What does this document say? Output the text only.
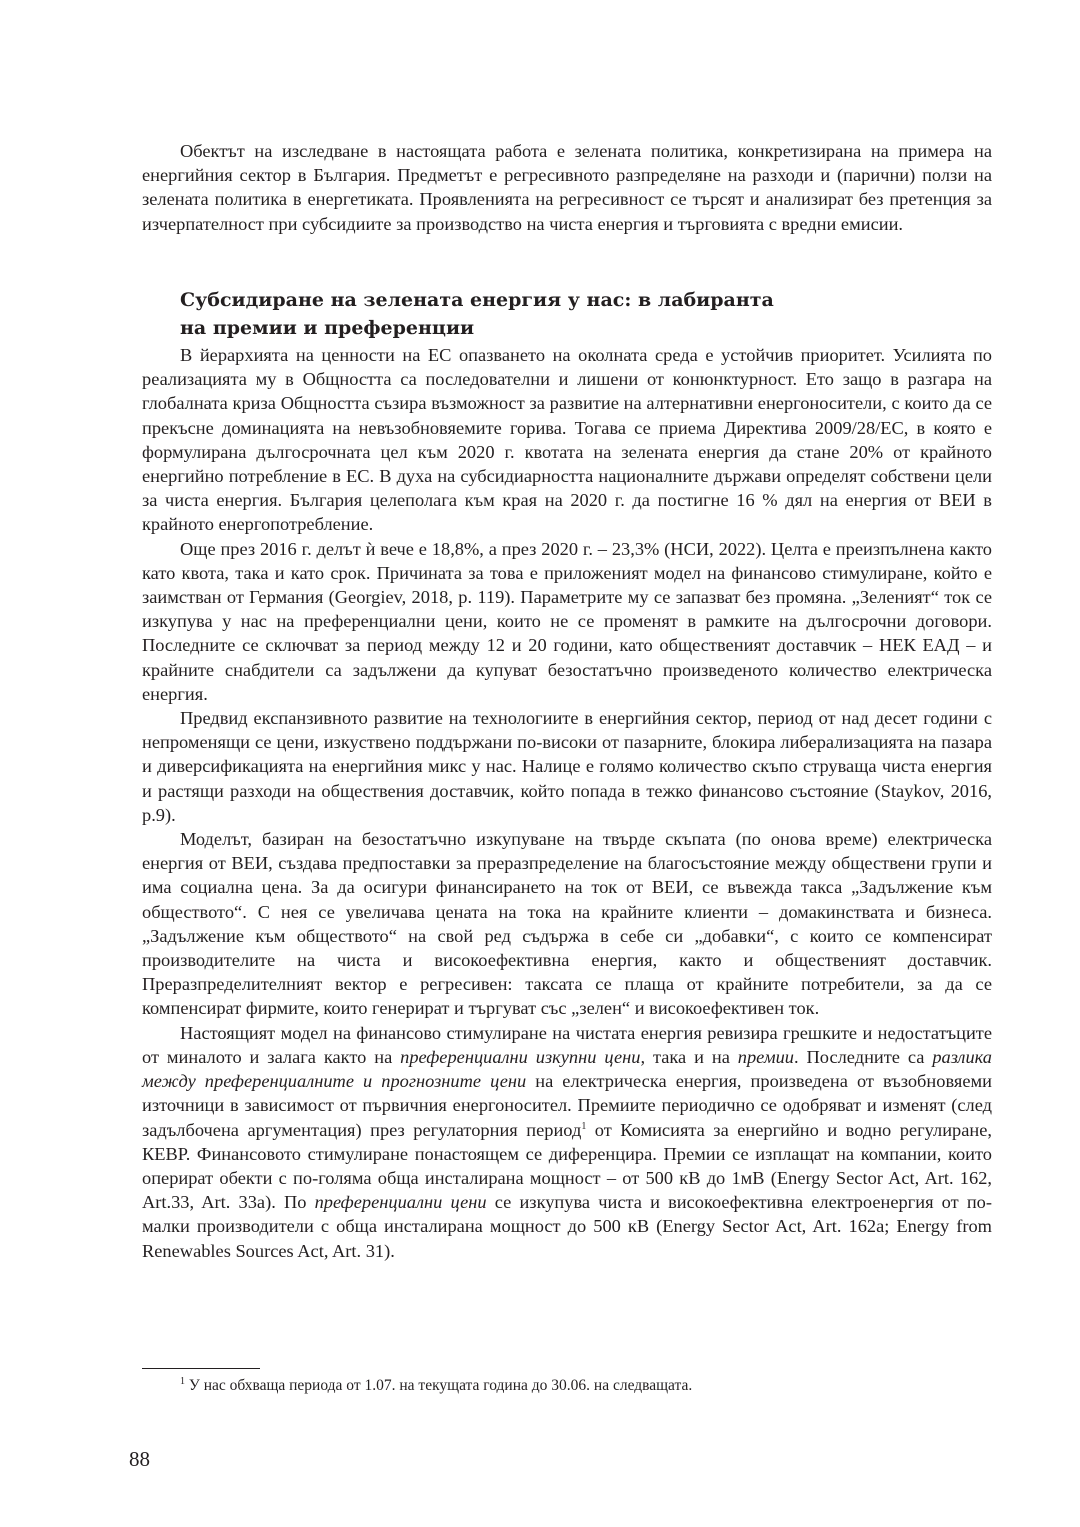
Обектът на изследване в настоящата работа е зелената политика, конкретизирана на примера на енергийния сектор в България. Предметът е регресивното разпределяне на разходи и (парични) ползи на зелената политика в енергетиката. Проявленията на регресивност се търсят и анализират без претенция за изчерпателност при субсидиите за производство на чиста енергия и търговията с вредни емисии.

Субсидиране на зелената енергия у нас: в лабиранта
на премии и преференции

В йерархията на ценности на ЕС опазването на околната среда е устойчив приоритет. Усилията по реализацията му в Общността са последователни и лишени от конюнктурност. Ето защо в разгара на глобалната криза Общността съзира възможност за развитие на алтернативни енергоносители, с които да се прекъсне доминацията на невъзобновяемите горива. Тогава се приема Директива 2009/28/ЕС, в която е формулирана дългосрочната цел към 2020 г. квотата на зелената енергия да стане 20% от крайното енергийно потребление в ЕС. В духа на субсидиарността националните държави определят собствени цели за чиста енергия. България целеполага към края на 2020 г. да постигне 16 % дял на енергия от ВЕИ в крайното енергопотребление.

Още през 2016 г. делът ѝ вече е 18,8%, а през 2020 г. – 23,3% (НСИ, 2022). Целта е преизпълнена както като квота, така и като срок. Причината за това е приложеният модел на финансово стимулиране, който е заимстван от Германия (Georgiev, 2018, p. 119). Параметрите му се запазват без промяна. „Зеленият“ ток се изкупува у нас на преференциални цени, които не се променят в рамките на дългосрочни договори. Последните се сключват за период между 12 и 20 години, като обществeният доставчик – НЕК ЕАД – и крайните снабдители са задължени да купуват безостатъчно произведеното количество електрическа енергия.

Предвид експанзивното развитие на технологиите в енергийния сектор, период от над десет години с непроменящи се цени, изкуствено поддържани по-високи от пазарните, блокира либерализацията на пазара и диверсификацията на енергийния микс у нас. Налице е голямо количество скъпо струваща чиста енергия и растящи разходи на обществения доставчик, който попада в тежко финансово състояние (Staykov, 2016, p.9).

Моделът, базиран на безостатъчно изкупуване на твърде скъпата (по онова време) електрическа енергия от ВЕИ, създава предпоставки за преразпределение на благосъстояние между обществени групи и има социална цена. За да осигури финансирането на ток от ВЕИ, се въвежда такса „Задължение към обществото“. С нея се увеличава цената на тока на крайните клиенти – домакинствата и бизнеса. „Задължение към обществото“ на свой ред съдържа в себе си „добавки“, с които се компенсират производителите на чиста и високоефективна енергия, както и обществeният доставчик. Преразпределителният вектор е регресивен: таксата се плаща от крайните потребители, за да се компенсират фирмите, които генерират и търгуват със „зелен“ и високоефективен ток.

Настоящият модел на финансово стимулиране на чистата енергия ревизира грешките и недостатъците от миналото и залага както на преференциални изкупни цени, така и на премии. Последните са разлика между преференциалните и прогнозните цени на електрическа енергия, произведена от възобновяеми източници в зависимост от първичния енергоносител. Премиите периодично се одобряват и изменят (след задълбочена аргументация) през регулаторния период$^1$ от Комисията за енергийно и водно регулиране, КЕВР. Финансовото стимулиране понастоящем се диференцира. Премии се изплащат на компании, които оперират обекти с по-голяма обща инсталирана мощност – от 500 кВ до 1мВ (Energy Sector Act, Art. 162, Art.33, Art. 33а). По преференциални цени се изкупува чиста и високоефективна електроенергия от по-малки производители с обща инсталирана мощност до 500 кВ (Energy Sector Act, Art. 162а; Energy from Renewables Sources Act, Art. 31).

$^1$ У нас обхваща периода от 1.07. на текущата година до 30.06. на следващата.
88
